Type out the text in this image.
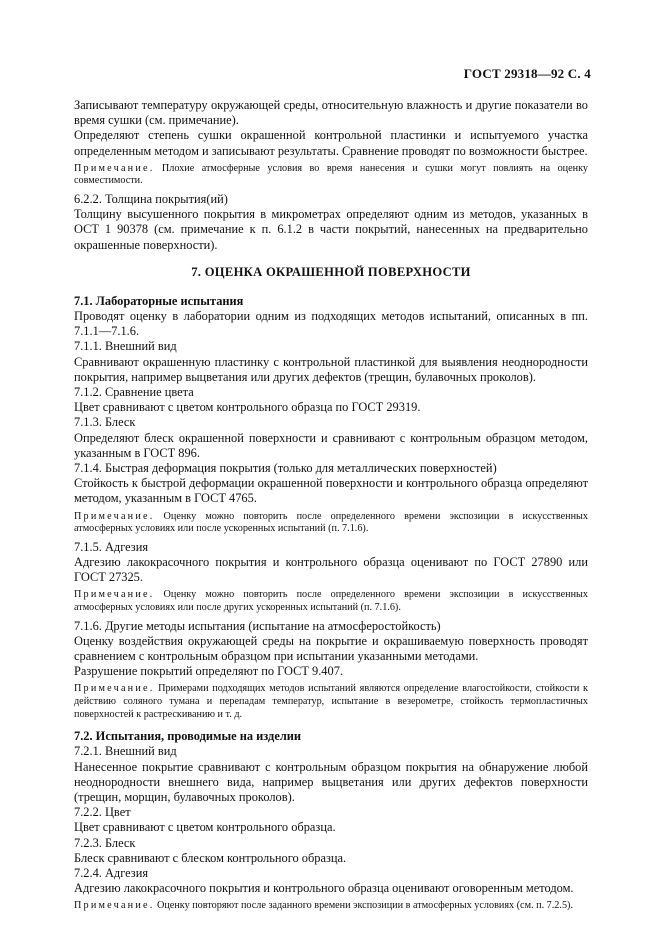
ГОСТ 29318—92 С. 4

Записывают температуру окружающей среды, относительную влажность и другие показатели во время сушки (см. примечание).

Определяют степень сушки окрашенной контрольной пластинки и испытуемого участка определенным методом и записывают результаты. Сравнение проводят по возможности быстрее.

Примечание. Плохие атмосферные условия во время нанесения и сушки могут повлиять на оценку совместимости.

6.2.2. Толщина покрытия(ий)

Толщину высушенного покрытия в микрометрах определяют одним из методов, указанных в ОСТ 1 90378 (см. примечание к п. 6.1.2 в части покрытий, нанесенных на предварительно окрашенные поверхности).

7. ОЦЕНКА ОКРАШЕННОЙ ПОВЕРХНОСТИ

7.1. Лабораторные испытания

Проводят оценку в лаборатории одним из подходящих методов испытаний, описанных в пп. 7.1.1—7.1.6.

7.1.1. Внешний вид

Сравнивают окрашенную пластинку с контрольной пластинкой для выявления неоднородности покрытия, например выцветания или других дефектов (трещин, булавочных проколов).

7.1.2. Сравнение цвета

Цвет сравнивают с цветом контрольного образца по ГОСТ 29319.

7.1.3. Блеск

Определяют блеск окрашенной поверхности и сравнивают с контрольным образцом методом, указанным в ГОСТ 896.

7.1.4. Быстрая деформация покрытия (только для металлических поверхностей)

Стойкость к быстрой деформации окрашенной поверхности и контрольного образца определяют методом, указанным в ГОСТ 4765.

Примечание. Оценку можно повторить после определенного времени экспозиции в искусственных атмосферных условиях или после ускоренных испытаний (п. 7.1.6).

7.1.5. Адгезия

Адгезию лакокрасочного покрытия и контрольного образца оценивают по ГОСТ 27890 или ГОСТ 27325.

Примечание. Оценку можно повторить после определенного времени экспозиции в искусственных атмосферных условиях или после других ускоренных испытаний (п. 7.1.6).

7.1.6. Другие методы испытания (испытание на атмосферостойкость)

Оценку воздействия окружающей среды на покрытие и окрашиваемую поверхность проводят сравнением с контрольным образцом при испытании указанными методами.

Разрушение покрытий определяют по ГОСТ 9.407.

Примечание. Примерами подходящих методов испытаний являются определение влагостойкости, стойкости к действию соляного тумана и перепадам температур, испытание в везерометре, стойкость термопластичных поверхностей к растрескиванию и т. д.

7.2. Испытания, проводимые на изделии

7.2.1. Внешний вид

Нанесенное покрытие сравнивают с контрольным образцом покрытия на обнаружение любой неоднородности внешнего вида, например выцветания или других дефектов поверхности (трещин, морщин, булавочных проколов).

7.2.2. Цвет

Цвет сравнивают с цветом контрольного образца.

7.2.3. Блеск

Блеск сравнивают с блеском контрольного образца.

7.2.4. Адгезия

Адгезию лакокрасочного покрытия и контрольного образца оценивают оговоренным методом.

Примечание. Оценку повторяют после заданного времени экспозиции в атмосферных условиях (см. п. 7.2.5).
